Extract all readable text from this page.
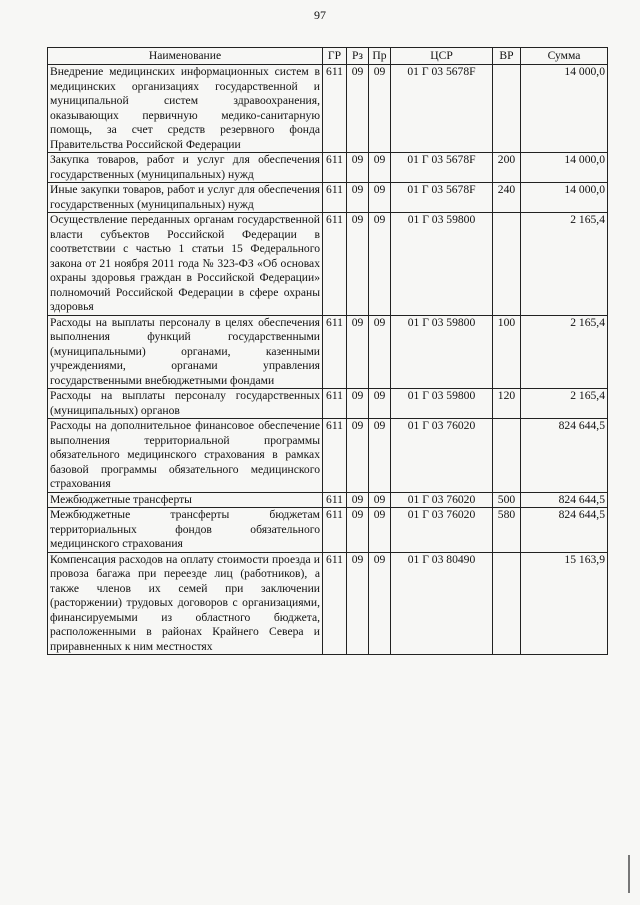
97
Наименование	ГР	Рз	Пр	ЦСР	ВР	Сумма
Внедрение медицинских информационных систем в медицинских организациях государственной и муниципальной систем здравоохранения, оказывающих первичную медико-санитарную помощь, за счет средств резервного фонда Правительства Российской Федерации	611	09	09	01 Г 03 5678F		14 000,0
Закупка товаров, работ и услуг для обеспечения государственных (муниципальных) нужд	611	09	09	01 Г 03 5678F	200	14 000,0
Иные закупки товаров, работ и услуг для обеспечения государственных (муниципальных) нужд	611	09	09	01 Г 03 5678F	240	14 000,0
Осуществление переданных органам государственной власти субъектов Российской Федерации в соответствии с частью 1 статьи 15 Федерального закона от 21 ноября 2011 года № 323-ФЗ «Об основах охраны здоровья граждан в Российской Федерации» полномочий Российской Федерации в сфере охраны здоровья	611	09	09	01 Г 03 59800		2 165,4
Расходы на выплаты персоналу в целях обеспечения выполнения функций государственными (муниципальными) органами, казенными учреждениями, органами управления государственными внебюджетными фондами	611	09	09	01 Г 03 59800	100	2 165,4
Расходы на выплаты персоналу государственных (муниципальных) органов	611	09	09	01 Г 03 59800	120	2 165,4
Расходы на дополнительное финансовое обеспечение выполнения территориальной программы обязательного медицинского страхования в рамках базовой программы обязательного медицинского страхования	611	09	09	01 Г 03 76020		824 644,5
Межбюджетные трансферты	611	09	09	01 Г 03 76020	500	824 644,5
Межбюджетные трансферты бюджетам территориальных фондов обязательного медицинского страхования	611	09	09	01 Г 03 76020	580	824 644,5
Компенсация расходов на оплату стоимости проезда и провоза багажа при переезде лиц (работников), а также членов их семей при заключении (расторжении) трудовых договоров с организациями, финансируемыми из областного бюджета, расположенными в районах Крайнего Севера и приравненных к ним местностях	611	09	09	01 Г 03 80490		15 163,9
